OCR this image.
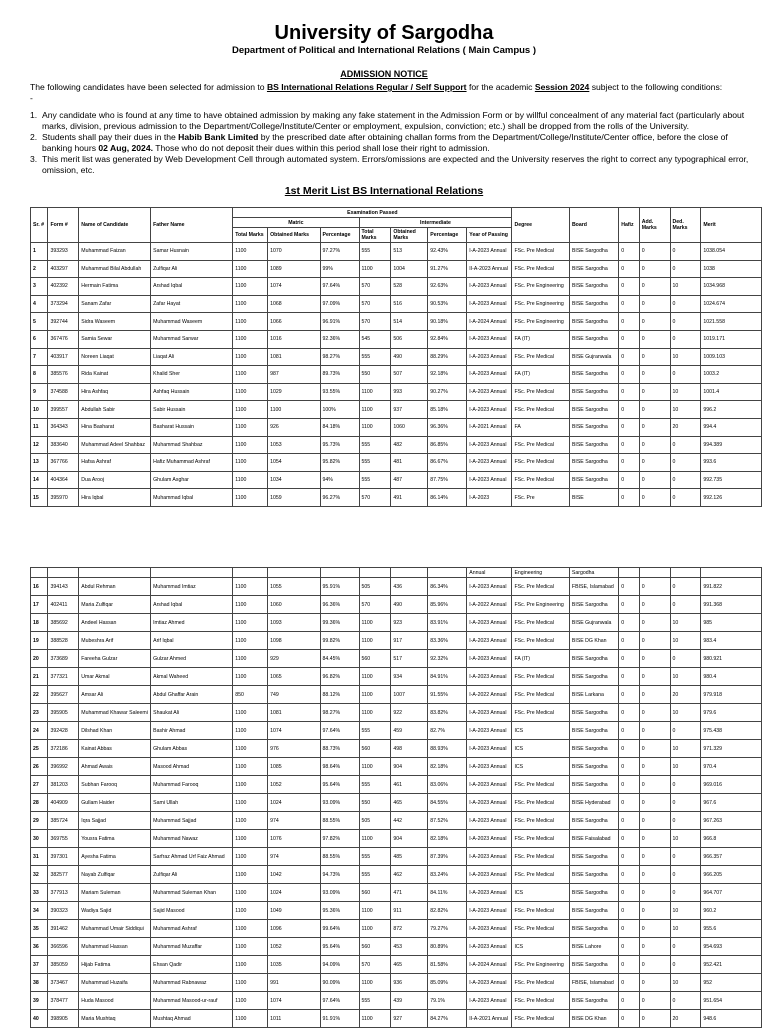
University of Sargodha
Department of Political and International Relations ( Main Campus )
ADMISSION NOTICE
The following candidates have been selected for admission to BS International Relations Regular / Self Support for the academic Session 2024 subject to the following conditions:
-
1. Any candidate who is found at any time to have obtained admission by making any fake statement in the Admission Form or by willful concealment of any material fact (particularly about marks, division, previous admission to the Department/College/Institute/Center or employment, expulsion, conviction; etc.) shall be dropped from the rolls of the University.
2. Students shall pay their dues in the Habib Bank Limited by the prescribed date after obtaining challan forms from the Department/College/Institute/Center office, before the close of banking hours 02 Aug, 2024. Those who do not deposit their dues within this period shall lose their right to admission.
3. This merit list was generated by Web Development Cell through automated system. Errors/omissions are expected and the University reserves the right to correct any typographical error, omission, etc.
1st Merit List BS International Relations
Sr. #	Form #	Name of Candidate	Father Name	Examination Passed							Degree	Board	Hafiz	Add. Marks	Ded. Marks	Merit
				Matric			Intermediate									
				Total Marks	Obtained Marks	Percentage	Total Marks	Obtained Marks	Percentage	Year of Passing						
1	393293	Muhammad Faizan	Samar Husnain	1100	1070	97.27%	555	513	92.43%	I-A-2023 Annual	FSc. Pre Medical	BISE Sargodha	0	0	0	1038.054
2	403297	Muhammad Bilal Abdullah	Zulfiqar Ali	1100	1089	99%	1100	1004	91.27%	II-A-2023 Annual	FSc. Pre Medical	BISE Sargodha	0	0	0	1038
3	402392	Hermain Fatima	Arshad Iqbal	1100	1074	97.64%	570	528	92.63%	I-A-2023 Annual	FSc. Pre Engineering	BISE Sargodha	0	0	10	1034.968
4	373294	Sanam Zafar	Zafar Hayat	1100	1068	97.09%	570	516	90.53%	I-A-2023 Annual	FSc. Pre Engineering	BISE Sargodha	0	0	0	1024.674
5	392744	Sidra Waseem	Muhammad Waseem	1100	1066	96.91%	570	514	90.18%	I-A-2024 Annual	FSc. Pre Engineering	BISE Sargodha	0	0	0	1021.558
6	367476	Samia Sewar	Muhammad Sarwar	1100	1016	92.36%	545	506	92.84%	I-A-2023 Annual	FA (IT)	BISE Sargodha	0	0	0	1019.171
7	403917	Noreen Liaqat	Liaqat Ali	1100	1081	98.27%	555	490	88.29%	I-A-2023 Annual	FSc. Pre Medical	BISE Gujranwala	0	0	10	1009.103
8	385576	Rida Kainat	Khalid Sher	1100	987	89.73%	550	507	92.18%	I-A-2023 Annual	FA (IT)	BISE Sargodha	0	0	0	1003.2
9	374588	Hira Ashfaq	Ashfaq Hussain	1100	1029	93.55%	1100	993	90.27%	I-A-2023 Annual	FSc. Pre Medical	BISE Sargodha	0	0	10	1001.4
10	399557	Abdullah Sabir	Sabir Hussain	1100	1100	100%	1100	937	85.18%	I-A-2023 Annual	FSc. Pre Medical	BISE Sargodha	0	0	10	996.2
11	364343	Hina Basharat	Basharat Hussain	1100	926	84.18%	1100	1060	96.36%	I-A-2021 Annual	FA	BISE Sargodha	0	0	20	994.4
12	383640	Muhammad Adeel Shahbaz	Muhammad Shahbaz	1100	1053	95.73%	555	482	86.85%	I-A-2023 Annual	FSc. Pre Medical	BISE Sargodha	0	0	0	994.389
13	367766	Hafsa Ashraf	Hafiz Muhammad Ashraf	1100	1054	95.82%	555	481	86.67%	I-A-2023 Annual	FSc. Pre Medical	BISE Sargodha	0	0	0	993.6
14	404364	Dua Arooj	Ghulam Asghar	1100	1034	94%	555	487	87.75%	I-A-2023 Annual	FSc. Pre Medical	BISE Sargodha	0	0	0	992.735
15	395970	Hira Iqbal	Muhammad Iqbal	1100	1059	96.27%	570	491	86.14%	I-A-2023	FSc. Pre	BISE	0	0	0	992.126
										Annual	Engineering	Sargodha				
16	394143	Abdul Rehman	Muhammad Imtiaz	1100	1055	95.91%	505	436	86.34%	I-A-2023 Annual	FSc. Pre Medical	FBISE, Islamabad	0	0	0	991.822
17	402411	Maria Zulfiqar	Arshad Iqbal	1100	1060	96.36%	570	490	85.96%	I-A-2022 Annual	FSc. Pre Engineering	BISE Sargodha	0	0	0	991.368
18	385692	Andeel Hassan	Imtiaz Ahmed	1100	1093	99.36%	1100	923	83.91%	I-A-2023 Annual	FSc. Pre Medical	BISE Gujranwala	0	0	10	985
19	388528	Mubeshra Arif	Arif Iqbal	1100	1098	99.82%	1100	917	83.36%	I-A-2023 Annual	FSc. Pre Medical	BISE DG Khan	0	0	10	983.4
20	373689	Fareeha Gulzar	Gulzar Ahmed	1100	929	84.45%	560	517	92.32%	I-A-2023 Annual	FA (IT)	BISE Sargodha	0	0	0	980.921
21	377321	Umar Akmal	Akmal Waheed	1100	1065	96.82%	1100	934	84.91%	I-A-2023 Annual	FSc. Pre Medical	BISE Sargodha	0	0	10	980.4
22	395627	Amsar Ali	Abdul Ghaffar Arain	850	749	88.12%	1100	1007	91.55%	I-A-2022 Annual	FSc. Pre Medical	BISE Larkana	0	0	20	979.918
23	395905	Muhammad Khawar Saleemi	Shaukat Ali	1100	1081	98.27%	1100	922	83.82%	I-A-2023 Annual	FSc. Pre Medical	BISE Sargodha	0	0	10	979.6
24	392428	Dilshad Khan	Bashir Ahmad	1100	1074	97.64%	555	459	82.7%	I-A-2023 Annual	ICS	BISE Sargodha	0	0	0	975.438
25	372186	Kainat Abbas	Ghulam Abbas	1100	976	88.73%	560	498	88.93%	I-A-2023 Annual	ICS	BISE Sargodha	0	0	10	971.329
26	396992	Ahmad Awais	Masood Ahmad	1100	1085	98.64%	1100	904	82.18%	I-A-2023 Annual	ICS	BISE Sargodha	0	0	10	970.4
27	381203	Subhan Farooq	Muhammad Farooq	1100	1052	95.64%	555	461	83.06%	I-A-2023 Annual	FSc. Pre Medical	BISE Sargodha	0	0	0	969.016
28	404909	Gullam Haider	Sami Ullah	1100	1024	93.09%	550	465	84.55%	I-A-2023 Annual	FSc. Pre Medical	BISE Hyderabad	0	0	0	967.6
29	385724	Iqra Sajjad	Muhammad Sajjad	1100	974	88.55%	505	442	87.52%	I-A-2023 Annual	FSc. Pre Medical	BISE Sargodha	0	0	0	967.263
30	369755	Yousra Fatima	Muhammad Nawaz	1100	1076	97.82%	1100	904	82.18%	I-A-2023 Annual	FSc. Pre Medical	BISE Faisalabad	0	0	10	966.8
31	397301	Ayesha Fatima	Sarfraz Ahmad Urf Faiz Ahmad	1100	974	88.55%	555	485	87.39%	I-A-2023 Annual	FSc. Pre Medical	BISE Sargodha	0	0	0	966.357
32	382577	Nayab Zulfiqar	Zulfiqar Ali	1100	1042	94.73%	555	462	83.24%	I-A-2023 Annual	FSc. Pre Medical	BISE Sargodha	0	0	0	966.205
33	377913	Mariam Suleman	Muhammad Suleman Khan	1100	1024	93.09%	560	471	84.11%	I-A-2023 Annual	ICS	BISE Sargodha	0	0	0	964.707
34	390323	Wadiya Sajid	Sajid Masood	1100	1049	95.36%	1100	911	82.82%	I-A-2023 Annual	FSc. Pre Medical	BISE Sargodha	0	0	10	960.2
35	391462	Muhammad Umair Siddiqui	Muhammad Ashraf	1100	1096	99.64%	1100	872	79.27%	I-A-2023 Annual	FSc. Pre Medical	BISE Sargodha	0	0	10	955.6
36	366596	Muhammad Hassan	Muhammad Muzaffar	1100	1052	95.64%	560	453	80.89%	I-A-2023 Annual	ICS	BISE Lahore	0	0	0	954.693
37	385059	Hijab Fatima	Ehsan Qadir	1100	1035	94.09%	570	465	81.58%	I-A-2024 Annual	FSc. Pre Engineering	BISE Sargodha	0	0	0	952.421
38	373467	Muhammad Huzaifa	Muhammad Rabnawaz	1100	991	90.09%	1100	936	85.09%	I-A-2023 Annual	FSc. Pre Medical	FBISE, Islamabad	0	0	10	952
39	378477	Huda Masood	Muhammad Masood-ur-rauf	1100	1074	97.64%	555	439	79.1%	I-A-2023 Annual	FSc. Pre Medical	BISE Sargodha	0	0	0	951.654
40	398905	Maria Mushtaq	Mushtaq Ahmad	1100	1011	91.91%	1100	927	84.27%	II-A-2021 Annual	FSc. Pre Medical	BISE DG Khan	0	0	20	948.6
